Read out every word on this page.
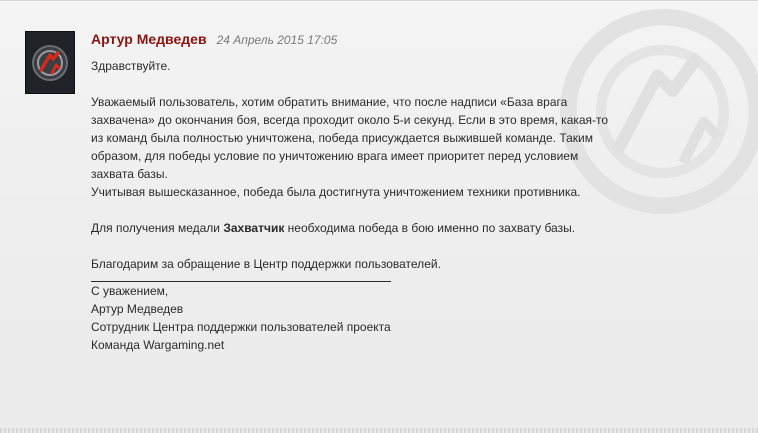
Артур Медведев 24 Апрель 2015 17:05

Здравствуйте.

Уважаемый пользователь, хотим обратить внимание, что после надписи «База врага захвачена» до окончания боя, всегда проходит около 5-и секунд. Если в это время, какая-то из команд была полностью уничтожена, победа присуждается выжившей команде. Таким образом, для победы условие по уничтожению врага имеет приоритет перед условием захвата базы.

Учитывая вышесказанное, победа была достигнута уничтожением техники противника.

Для получения медали Захватчик необходима победа в бою именно по захвату базы.

Благодарим за обращение в Центр поддержки пользователей.

С уважением,

Артур Медведев

Сотрудник Центра поддержки пользователей проекта

Команда Wargaming.net
